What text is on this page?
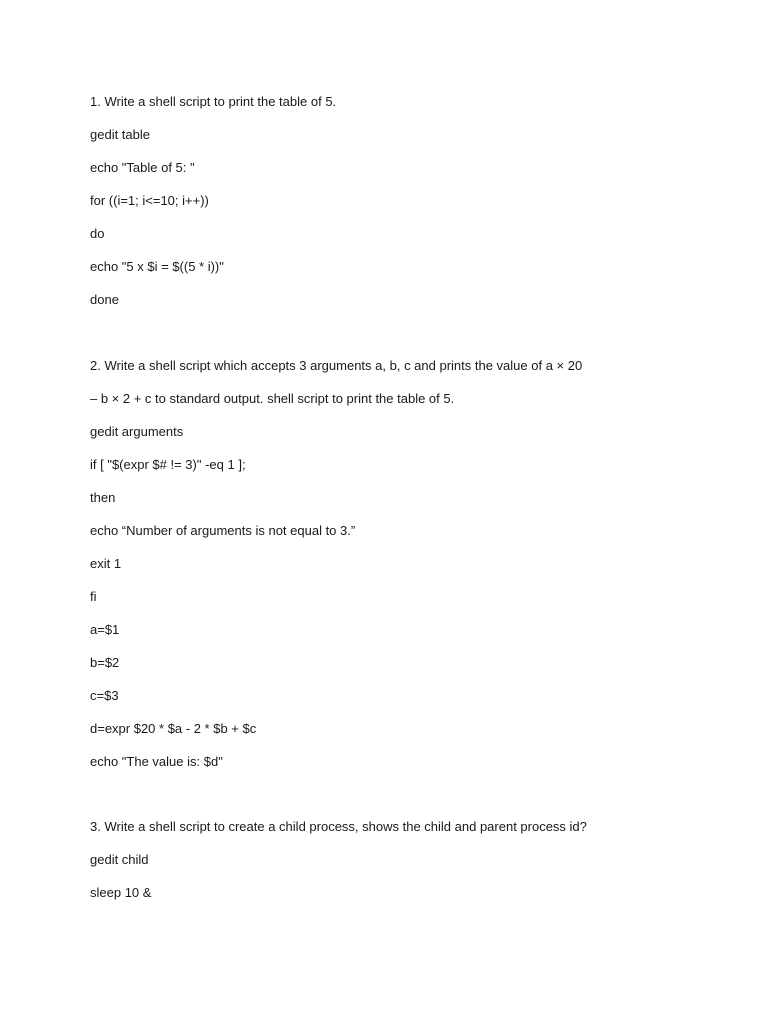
1. Write a shell script to print the table of 5.
gedit table
echo "Table of 5: "
for ((i=1; i<=10; i++))
do
echo "5 x $i = $((5 * i))"
done
2. Write a shell script which accepts 3 arguments a, b, c and prints the value of a × 20
– b × 2 + c to standard output. shell script to print the table of 5.
gedit arguments
if [ "$(expr $# != 3)" -eq 1 ];
then
echo “Number of arguments is not equal to 3.”
exit 1
fi
a=$1
b=$2
c=$3
d=expr $20 * $a - 2 * $b + $c
echo "The value is: $d"
3. Write a shell script to create a child process, shows the child and parent process id?
gedit child
sleep 10 &
